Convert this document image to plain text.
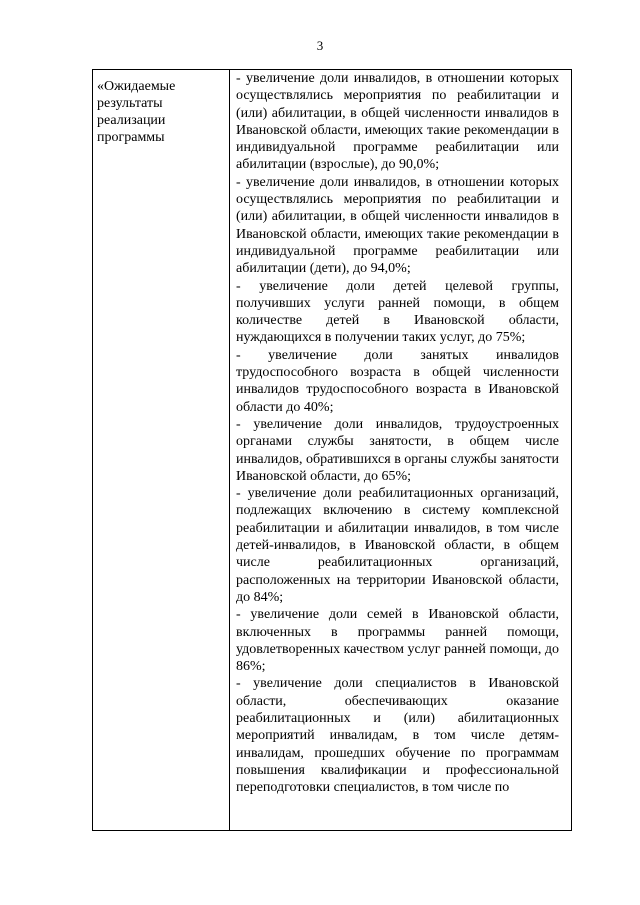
3
«Ожидаемые результаты реализации программы

- увеличение доли инвалидов, в отношении которых осуществлялись мероприятия по реабилитации и (или) абилитации, в общей численности инвалидов в Ивановской области, имеющих такие рекомендации в индивидуальной программе реабилитации или абилитации (взрослые), до 90,0%;

- увеличение доли инвалидов, в отношении которых осуществлялись мероприятия по реабилитации и (или) абилитации, в общей численности инвалидов в Ивановской области, имеющих такие рекомендации в индивидуальной программе реабилитации или абилитации (дети), до 94,0%;

- увеличение доли детей целевой группы, получивших услуги ранней помощи, в общем количестве детей в Ивановской области, нуждающихся в получении таких услуг, до 75%;

- увеличение доли занятых инвалидов трудоспособного возраста в общей численности инвалидов трудоспособного возраста в Ивановской области до 40%;

- увеличение доли инвалидов, трудоустроенных органами службы занятости, в общем числе инвалидов, обратившихся в органы службы занятости Ивановской области, до 65%;

- увеличение доли реабилитационных организаций, подлежащих включению в систему комплексной реабилитации и абилитации инвалидов, в том числе детей-инвалидов, в Ивановской области, в общем числе реабилитационных организаций, расположенных на территории Ивановской области, до 84%;

- увеличение доли семей в Ивановской области, включенных в программы ранней помощи, удовлетворенных качеством услуг ранней помощи, до 86%;

- увеличение доли специалистов в Ивановской области, обеспечивающих оказание реабилитационных и (или) абилитационных мероприятий инвалидам, в том числе детям-инвалидам, прошедших обучение по программам повышения квалификации и профессиональной переподготовки специалистов, в том числе по
